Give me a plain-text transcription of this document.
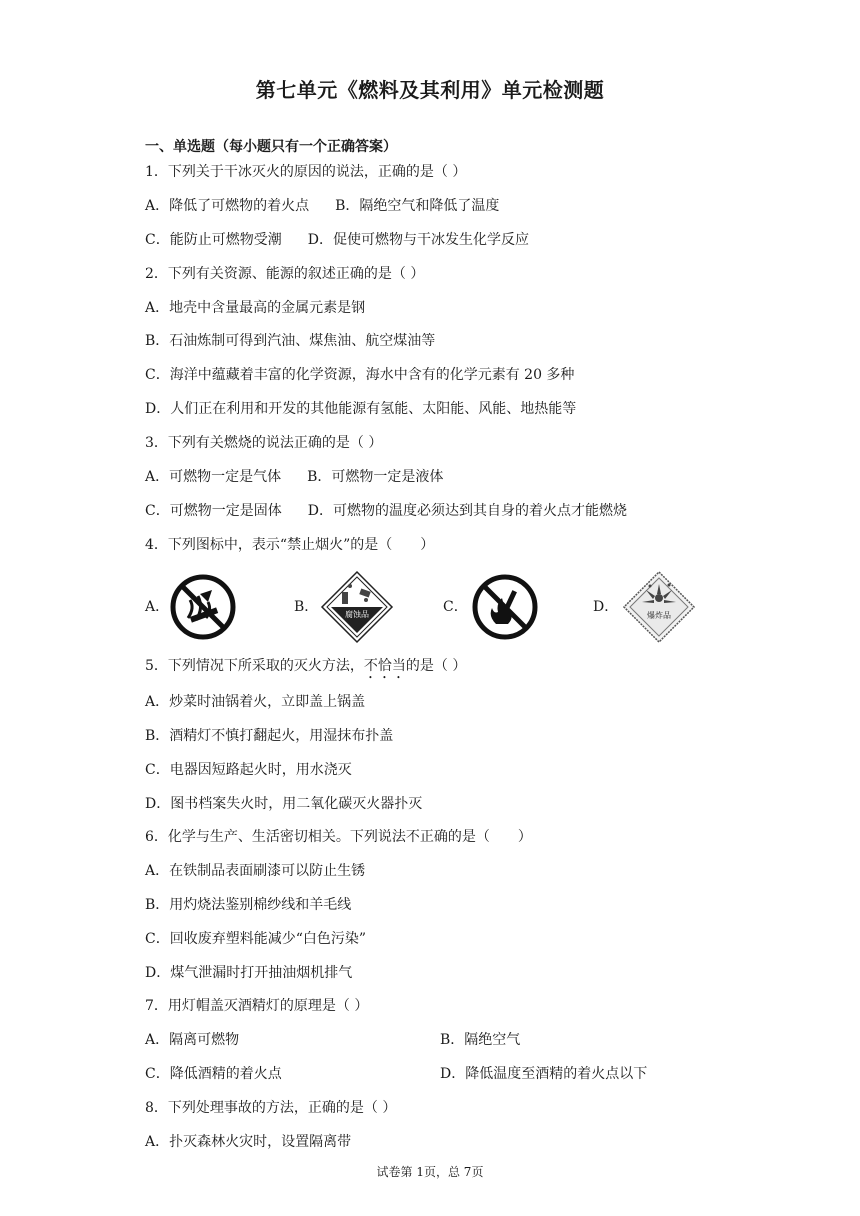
第七单元《燃料及其利用》单元检测题
一、单选题（每小题只有一个正确答案）
1．下列关于干冰灭火的原因的说法，正确的是（ ）
A．降低了可燃物的着火点 B．隔绝空气和降低了温度
C．能防止可燃物受潮 D．促使可燃物与干冰发生化学反应
2．下列有关资源、能源的叙述正确的是（ ）
A．地壳中含量最高的金属元素是钢
B．石油炼制可得到汽油、煤焦油、航空煤油等
C．海洋中蕴藏着丰富的化学资源，海水中含有的化学元素有 20 多种
D．人们正在利用和开发的其他能源有氢能、太阳能、风能、地热能等
3．下列有关燃烧的说法正确的是（ ）
A．可燃物一定是气体 B．可燃物一定是液体
C．可燃物一定是固体 D．可燃物的温度必须达到其自身的着火点才能燃烧
4．下列图标中，表示“禁止烟火”的是（　　）
A．	B．	腐蚀品	C．	D．
爆炸品
5．下列情况下所采取的灭火方法，不恰当的是（ ）
A．炒菜时油锅着火，立即盖上锅盖
B．酒精灯不慎打翻起火，用湿抹布扑盖
C．电器因短路起火时，用水浇灭
D．图书档案失火时，用二氧化碳灭火器扑灭
6．化学与生产、生活密切相关。下列说法不正确的是（　　）
A．在铁制品表面刷漆可以防止生锈
B．用灼烧法鉴别棉纱线和羊毛线
C．回收废弃塑料能减少“白色污染”
D．煤气泄漏时打开抽油烟机排气
7．用灯帽盖灭酒精灯的原理是（ ）
A．隔离可燃物	B．隔绝空气
C．降低酒精的着火点	D．降低温度至酒精的着火点以下
8．下列处理事故的方法，正确的是（ ）
A．扑灭森林火灾时，设置隔离带
试卷第 1页，总 7页
